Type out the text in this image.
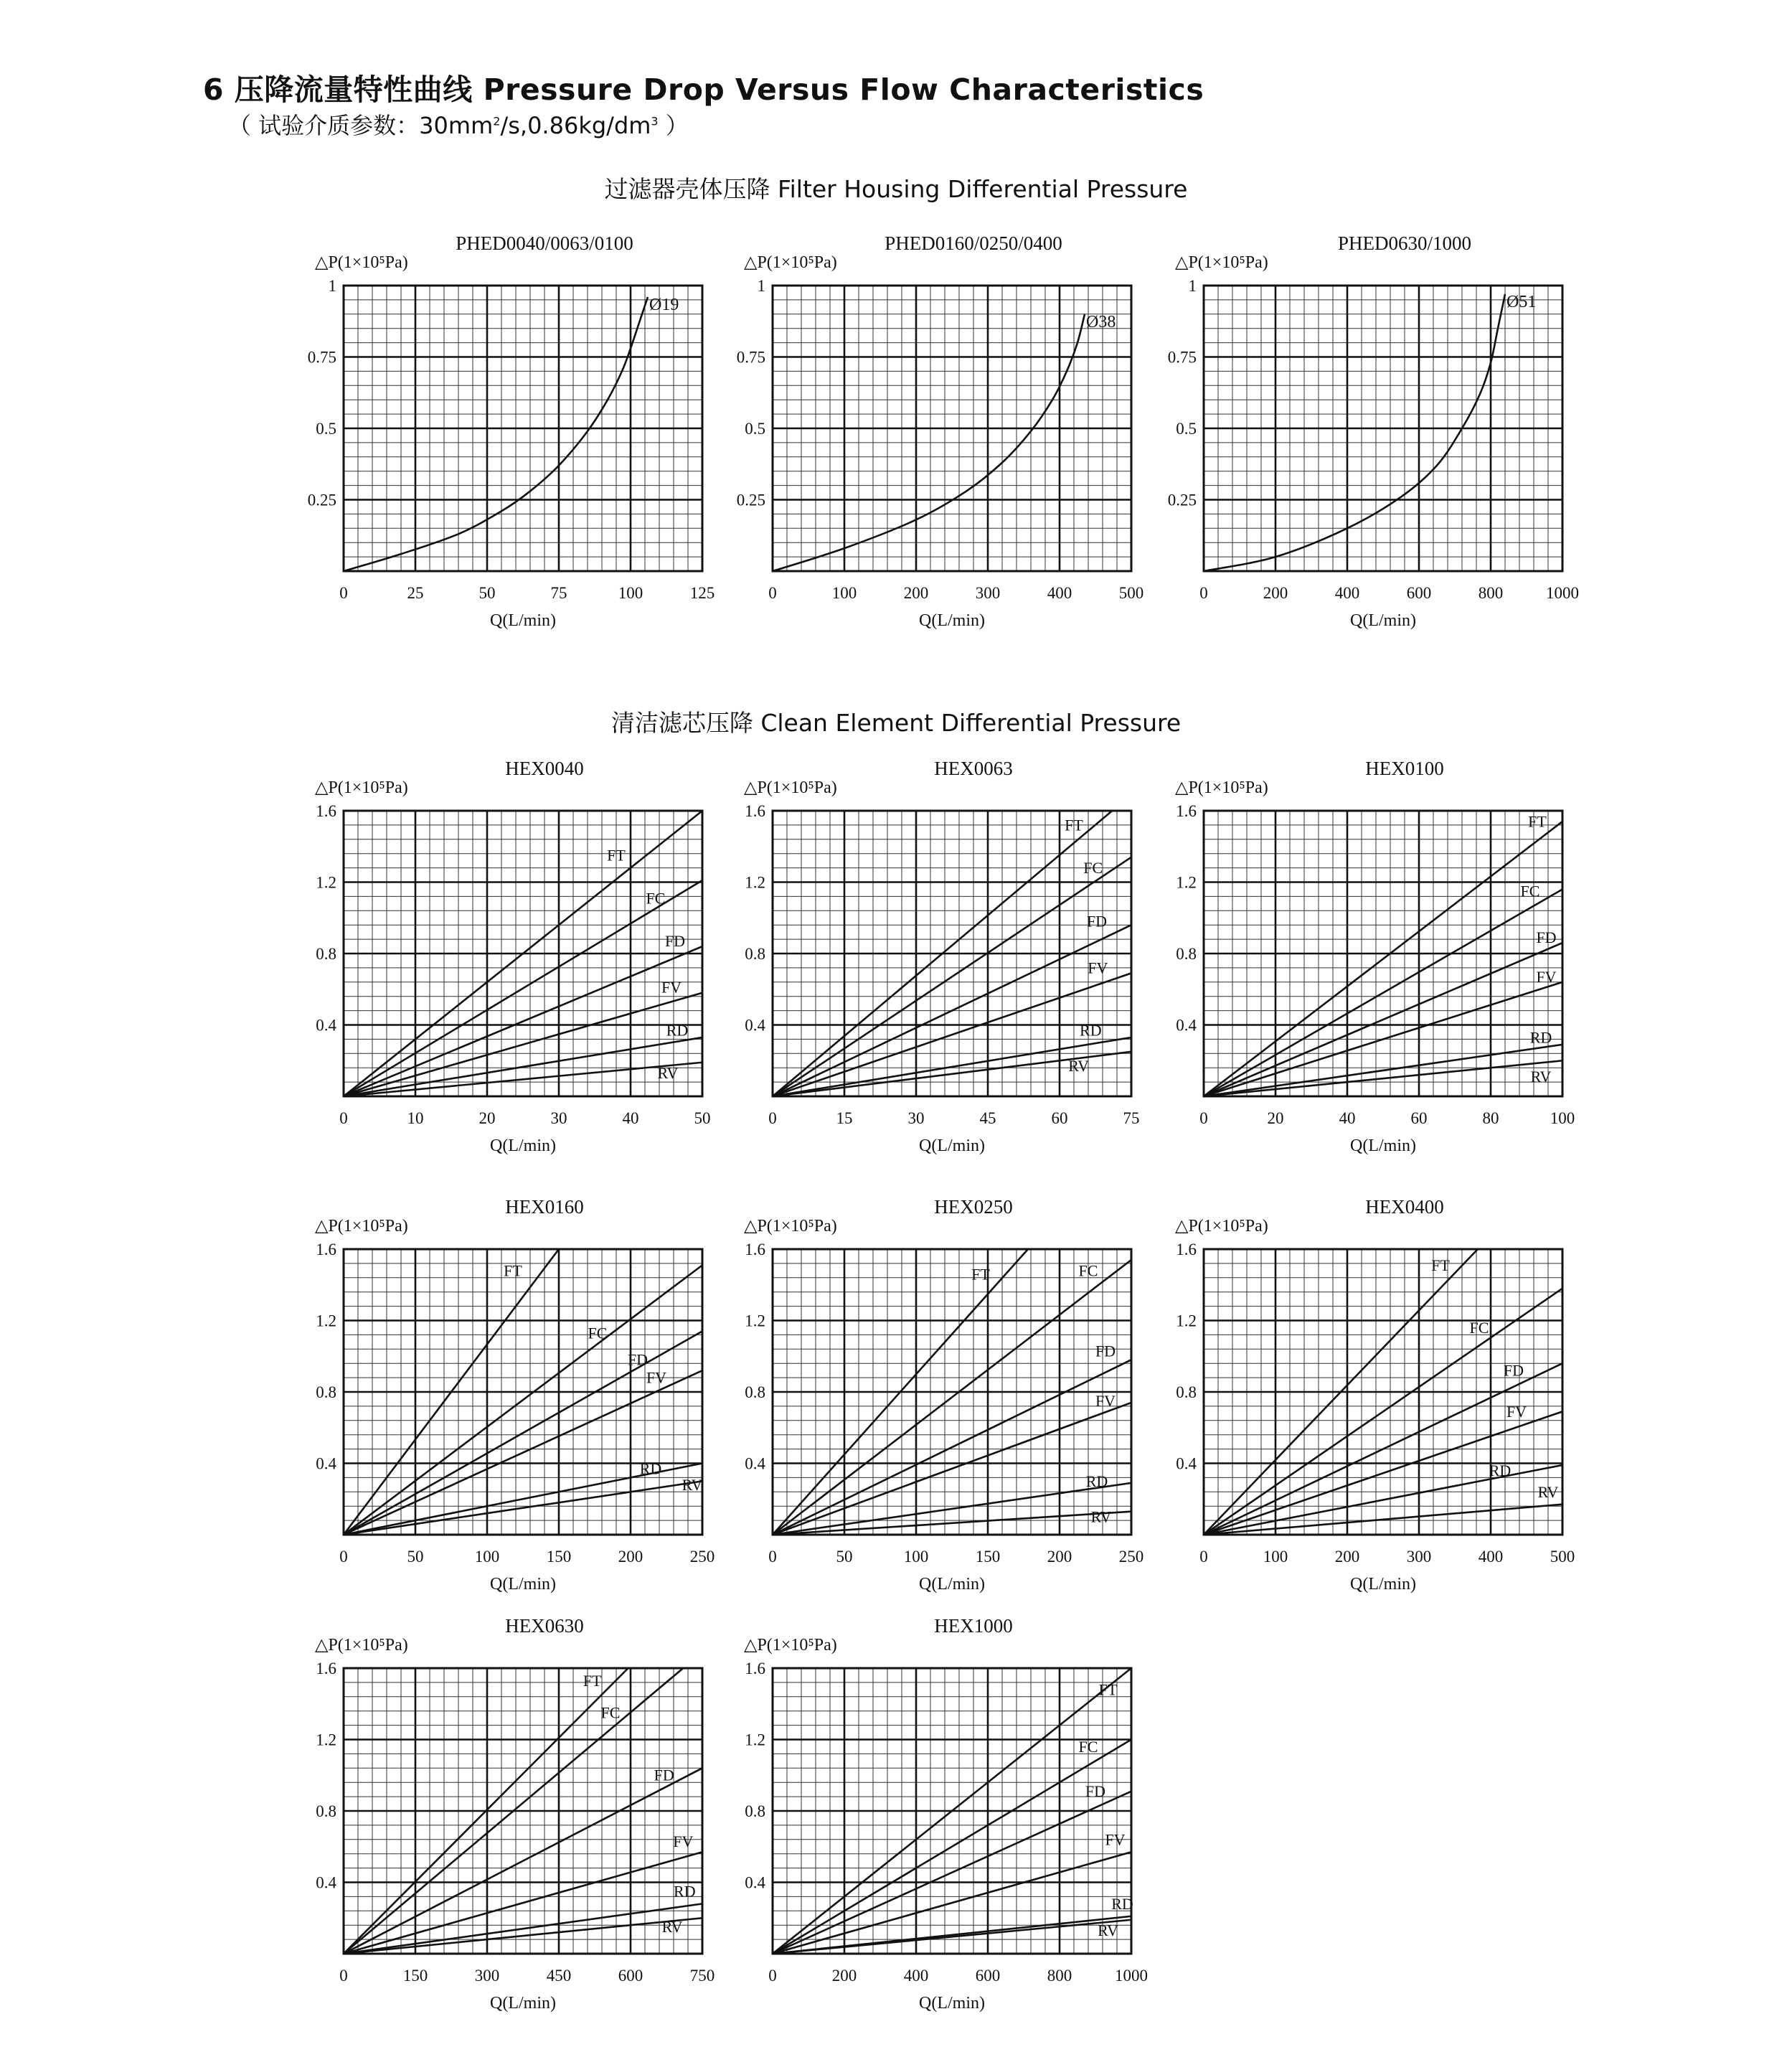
6 压降流量特性曲线 Pressure Drop Versus Flow Characteristics
（ 试验介质参数：$30mm^2/s,0.86kg/dm^3$ ）
过滤器壳体压降 Filter Housing Differential Pressure
清洁滤芯压降 Clean Element Differential Pressure
PHED0040/0063/0100
△P(1×10⁵Pa)
Q(L/min)
0	25	50	75	100	125
0.25
0.5
0.75
1
Ø19
PHED0160/0250/0400
△P(1×10⁵Pa)
Q(L/min)
0	100	200	300	400	500
0.25
0.5
0.75
1
Ø38
PHED0630/1000
△P(1×10⁵Pa)
Q(L/min)
0	200	400	600	800	1000
0.25
0.5
0.75
1
Ø51
HEX0040
△P(1×10⁵Pa)
Q(L/min)
0	10	20	30	40	50
0.4
0.8
1.2
1.6
FT
FC
FD
FV
RD
RV
HEX0063
△P(1×10⁵Pa)
Q(L/min)
0	15	30	45	60	75
0.4
0.8
1.2
1.6
FT
FC
FD
FV
RD
RV
HEX0100
△P(1×10⁵Pa)
Q(L/min)
0	20	40	60	80	100
0.4
0.8
1.2
1.6
FT
FC
FD
FV
RD
RV
HEX0160
△P(1×10⁵Pa)
Q(L/min)
0	50	100	150	200	250
0.4
0.8
1.2
1.6
FT
FC
FD
FV
RD
RV
HEX0250
△P(1×10⁵Pa)
Q(L/min)
0	50	100	150	200	250
0.4
0.8
1.2
1.6
FT	FC
FD
FV
RD
RV
HEX0400
△P(1×10⁵Pa)
Q(L/min)
0	100	200	300	400	500
0.4
0.8
1.2
1.6
FT
FC
FD
FV
RD
RV
HEX0630
△P(1×10⁵Pa)
Q(L/min)
0	150	300	450	600	750
0.4
0.8
1.2
1.6
FT
FC
FD
FV
RD
RV
HEX1000
△P(1×10⁵Pa)
Q(L/min)
0	200	400	600	800	1000
0.4
0.8
1.2
1.6
FT
FC
FD
FV
RD
RV
